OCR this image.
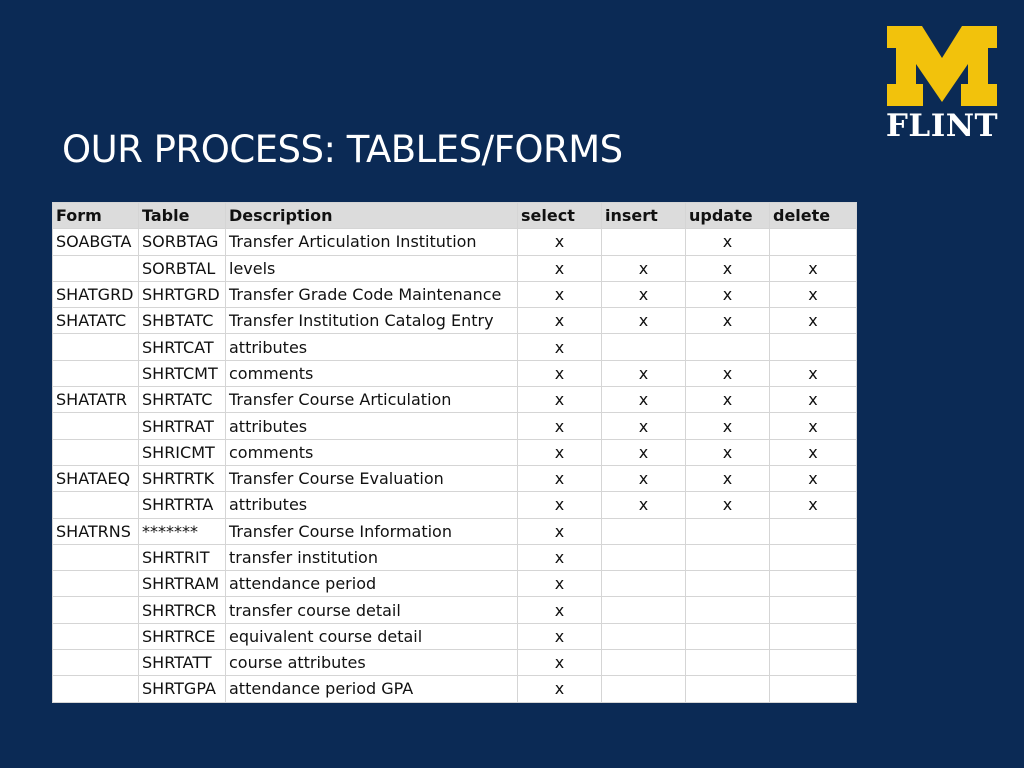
OUR PROCESS: TABLES/FORMS
FLINT
Form	Table	Description	select	insert	update	delete
SOABGTA	SORBTAG	Transfer Articulation Institution	x		x	
	SORBTAL	levels	x	x	x	x
SHATGRD	SHRTGRD	Transfer Grade Code Maintenance	x	x	x	x
SHATATC	SHBTATC	Transfer Institution Catalog Entry	x	x	x	x
	SHRTCAT	attributes	x			
	SHRTCMT	comments	x	x	x	x
SHATATR	SHRTATC	Transfer Course Articulation	x	x	x	x
	SHRTRAT	attributes	x	x	x	x
	SHRICMT	comments	x	x	x	x
SHATAEQ	SHRTRTK	Transfer Course Evaluation	x	x	x	x
	SHRTRTA	attributes	x	x	x	x
SHATRNS	*******	Transfer Course Information	x			
	SHRTRIT	transfer institution	x			
	SHRTRAM	attendance period	x			
	SHRTRCR	transfer course detail	x			
	SHRTRCE	equivalent course detail	x			
	SHRTATT	course attributes	x			
	SHRTGPA	attendance period GPA	x			
